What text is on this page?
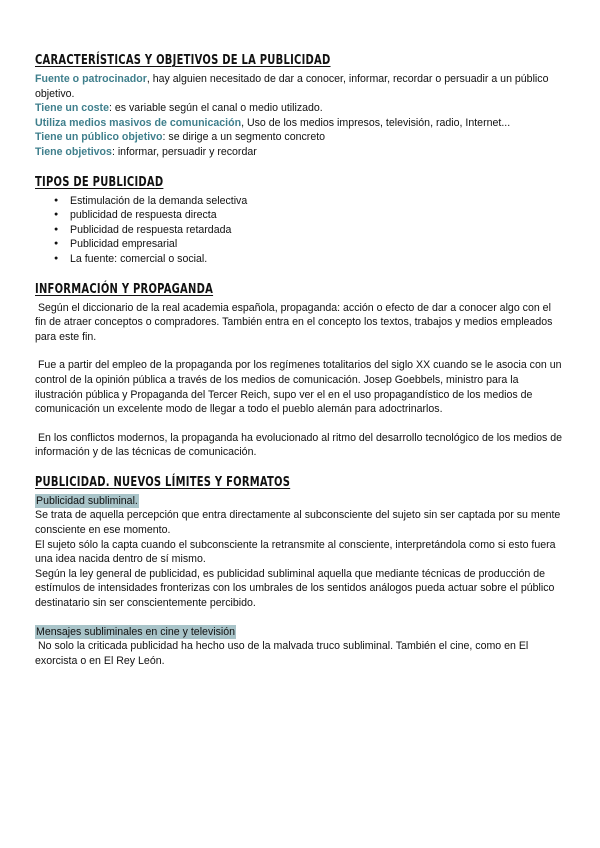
CARACTERÍSTICAS Y OBJETIVOS DE LA PUBLICIDAD

Fuente o patrocinador, hay alguien necesitado de dar a conocer, informar, recordar o persuadir a un público objetivo.

Tiene un coste: es variable según el canal o medio utilizado.

Utiliza medios masivos de comunicación, Uso de los medios impresos, televisión, radio, Internet...

Tiene un público objetivo: se dirige a un segmento concreto

Tiene objetivos: informar, persuadir y recordar

TIPOS DE PUBLICIDAD
● Estimulación de la demanda selectiva
● publicidad de respuesta directa
● Publicidad de respuesta retardada
● Publicidad empresarial
● La fuente: comercial o social.
INFORMACIÓN Y PROPAGANDA

Según el diccionario de la real academia española, propaganda: acción o efecto de dar a conocer algo con el fin de atraer conceptos o compradores. También entra en el concepto los textos, trabajos y medios empleados para este fin.

Fue a partir del empleo de la propaganda por los regímenes totalitarios del siglo XX cuando se le asocia con un control de la opinión pública a través de los medios de comunicación. Josep Goebbels, ministro para la ilustración pública y Propaganda del Tercer Reich, supo ver el en el uso propagandístico de los medios de comunicación un excelente modo de llegar a todo el pueblo alemán para adoctrinarlos.

En los conflictos modernos, la propaganda ha evolucionado al ritmo del desarrollo tecnológico de los medios de información y de las técnicas de comunicación.

PUBLICIDAD. NUEVOS LÍMITES Y FORMATOS

Publicidad subliminal.

Se trata de aquella percepción que entra directamente al subconsciente del sujeto sin ser captada por su mente consciente en ese momento.

El sujeto sólo la capta cuando el subconsciente la retransmite al consciente, interpretándola como si esto fuera una idea nacida dentro de sí mismo.

Según la ley general de publicidad, es publicidad subliminal aquella que mediante técnicas de producción de estímulos de intensidades fronterizas con los umbrales de los sentidos análogos pueda actuar sobre el público destinatario sin ser conscientemente percibido.

Mensajes subliminales en cine y televisión

No solo la criticada publicidad ha hecho uso de la malvada truco subliminal. También el cine, como en El exorcista o en El Rey León.
